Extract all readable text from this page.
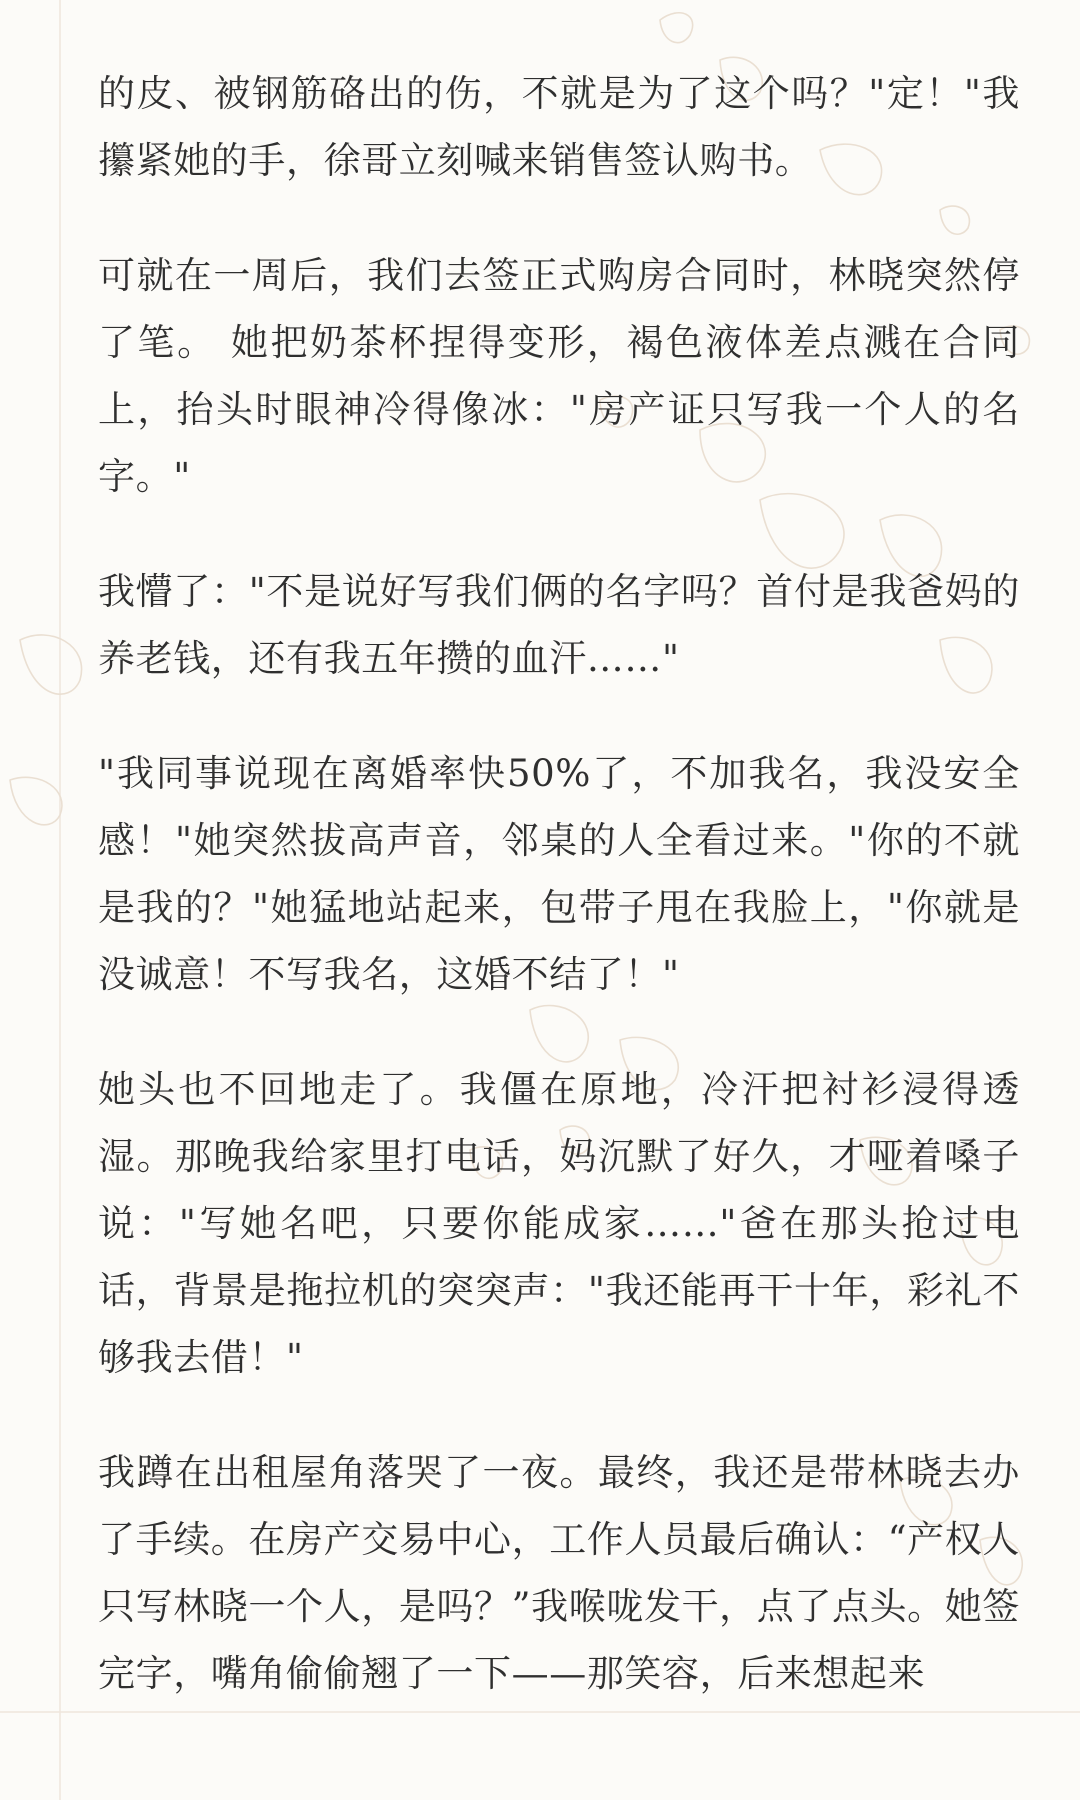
的皮、被钢筋硌出的伤，不就是为了这个吗？"定！"我攥紧她的手，徐哥立刻喊来销售签认购书。

可就在一周后，我们去签正式购房合同时，林晓突然停了笔。 她把奶茶杯捏得变形，褐色液体差点溅在合同上，抬头时眼神冷得像冰："房产证只写我一个人的名字。"

我懵了："不是说好写我们俩的名字吗？首付是我爸妈的养老钱，还有我五年攒的血汗……"

"我同事说现在离婚率快50%了，不加我名，我没安全感！"她突然拔高声音，邻桌的人全看过来。"你的不就是我的？"她猛地站起来，包带子甩在我脸上，"你就是没诚意！不写我名，这婚不结了！"

她头也不回地走了。我僵在原地，冷汗把衬衫浸得透湿。那晚我给家里打电话，妈沉默了好久，才哑着嗓子说："写她名吧，只要你能成家……"爸在那头抢过电话，背景是拖拉机的突突声："我还能再干十年，彩礼不够我去借！"

我蹲在出租屋角落哭了一夜。最终，我还是带林晓去办了手续。在房产交易中心，工作人员最后确认：“产权人只写林晓一个人，是吗？”我喉咙发干，点了点头。她签完字，嘴角偷偷翘了一下——那笑容，后来想起来
